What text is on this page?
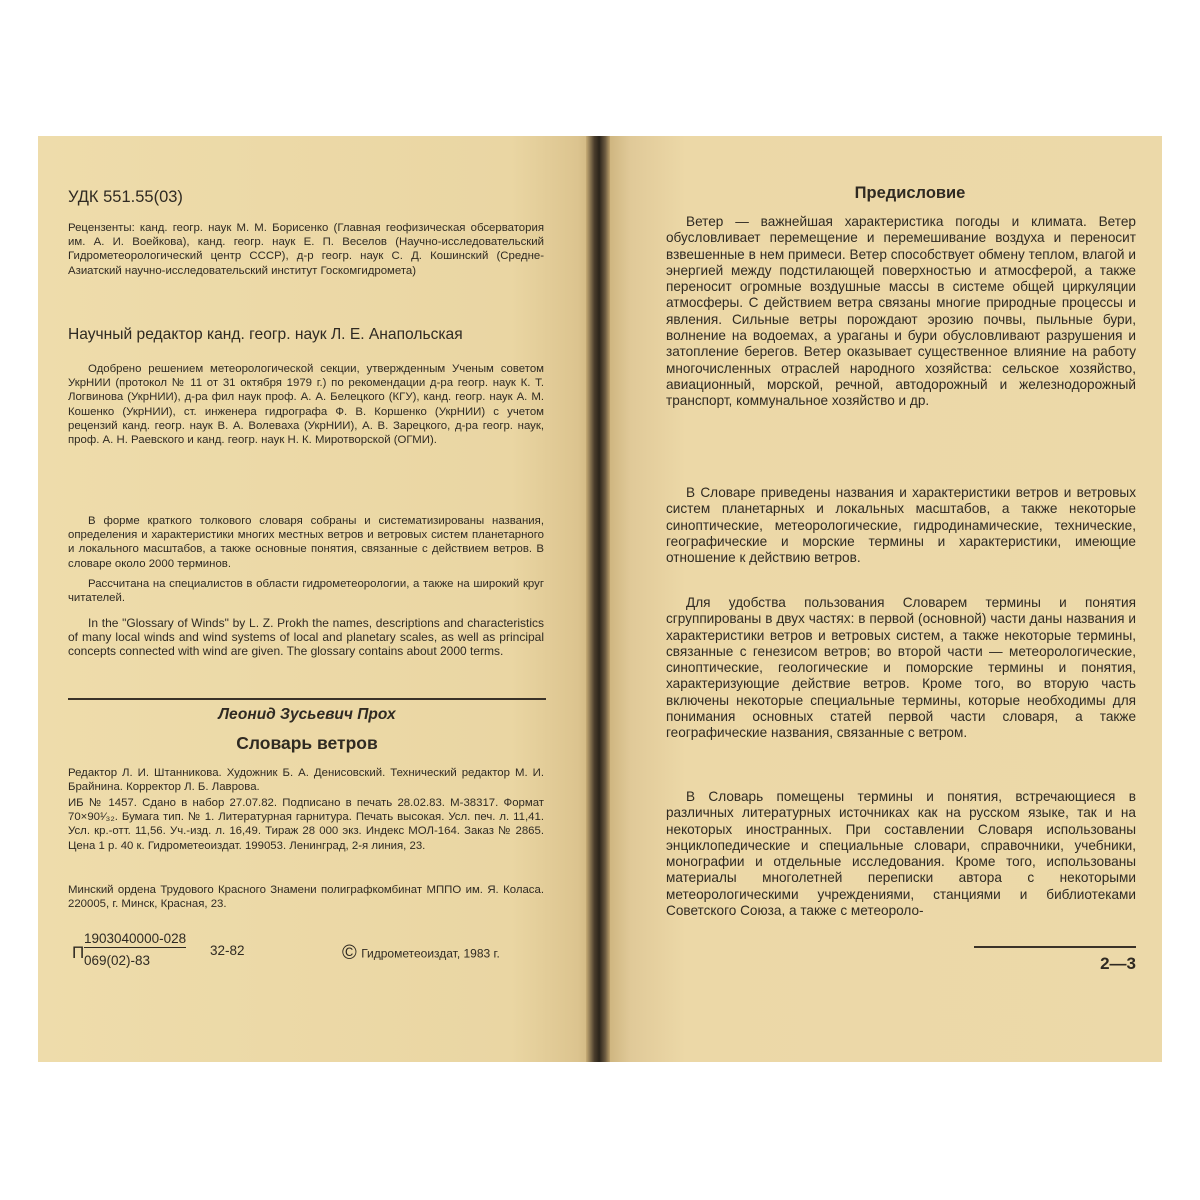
УДК 551.55(03)

Рецензенты: канд. геогр. наук М. М. Борисенко (Главная геофизическая обсерватория им. А. И. Воейкова), канд. геогр. наук Е. П. Веселов (Научно-исследовательский Гидрометеорологический центр СССР), д-р геогр. наук С. Д. Кошинский (Средне-Азиатский научно-исследовательский институт Госкомгидромета)

Научный редактор канд. геогр. наук Л. Е. Анапольская

Одобрено решением метеорологической секции, утвержденным Ученым советом УкрНИИ (протокол № 11 от 31 октября 1979 г.) по рекомендации д-ра геогр. наук К. Т. Логвинова (УкрНИИ), д-ра фил наук проф. А. А. Белецкого (КГУ), канд. геогр. наук А. М. Кошенко (УкрНИИ), ст. инженера гидрографа Ф. В. Коршенко (УкрНИИ) с учетом рецензий канд. геогр. наук В. А. Волевaха (УкрНИИ), А. В. Зарецкого, д-ра геогр. наук, проф. А. Н. Раевского и канд. геогр. наук Н. К. Миротворской (ОГМИ).

В форме краткого толкового словаря собраны и систематизированы названия, определения и характеристики многих местных ветров и ветровых систем планетарного и локального масштабов, а также основные понятия, связанные с действием ветров. В словаре около 2000 терминов.

Рассчитана на специалистов в области гидрометеорологии, а также на широкий круг читателей.

In the "Glossary of Winds" by L. Z. Prokh the names, descriptions and characteristics of many local winds and wind systems of local and planetary scales, as well as principal concepts connected with wind are given. The glossary contains about 2000 terms.

Леонид Зусьевич Прох
Словарь ветров

Редактор Л. И. Штанникова. Художник Б. А. Денисовский. Технический редактор М. И. Брайнина. Корректор Л. Б. Лаврова.

ИБ № 1457. Сдано в набор 27.07.82. Подписано в печать 28.02.83. М-38317. Формат 70×90¹⁄₃₂. Бумага тип. № 1. Литературная гарнитура. Печать высокая. Усл. печ. л. 11,41. Усл. кр.-отт. 11,56. Уч.-изд. л. 16,49. Тираж 28 000 экз. Индекс МОЛ-164. Заказ № 2865. Цена 1 р. 40 к. Гидрометеоиздат. 199053. Ленинград, 2-я линия, 23.

Минский ордена Трудового Красного Знамени полиграфкомбинат МППО им. Я. Коласа. 220005, г. Минск, Красная, 23.

П
1903040000-028
069(02)-83
32-82	© Гидрометеоиздат, 1983 г.
Предисловие

Ветер — важнейшая характеристика погоды и климата. Ветер обусловливает перемещение и перемешивание воздуха и переносит взвешенные в нем примеси. Ветер способствует обмену теплом, влагой и энергией между подстилающей поверхностью и атмосферой, а также переносит огромные воздушные массы в системе общей циркуляции атмосферы. С действием ветра связаны многие природные процессы и явления. Сильные ветры порождают эрозию почвы, пыльные бури, волнение на водоемах, а ураганы и бури обусловливают разрушения и затопление берегов. Ветер оказывает существенное влияние на работу многочисленных отраслей народного хозяйства: сельское хозяйство, авиационный, морской, речной, автодорожный и железнодорожный транспорт, коммунальное хозяйство и др.

В Словаре приведены названия и характеристики ветров и ветровых систем планетарных и локальных масштабов, а также некоторые синоптические, метеорологические, гидродинамические, технические, географические и морские термины и характеристики, имеющие отношение к действию ветров.

Для удобства пользования Словарем термины и понятия сгруппированы в двух частях: в первой (основной) части даны названия и характеристики ветров и ветровых систем, а также некоторые термины, связанные с генезисом ветров; во второй части — метеорологические, синоптические, геологические и поморские термины и понятия, характеризующие действие ветров. Кроме того, во вторую часть включены некоторые специальные термины, которые необходимы для понимания основных статей первой части словаря, а также географические названия, связанные с ветром.

В Словарь помещены термины и понятия, встречающиеся в различных литературных источниках как на русском языке, так и на некоторых иностранных. При составлении Словаря использованы энциклопедические и специальные словари, справочники, учебники, монографии и отдельные исследования. Кроме того, использованы материалы многолетней переписки автора с некоторыми метеорологическими учреждениями, станциями и библиотеками Советского Союза, а также с метеороло-

2—3
